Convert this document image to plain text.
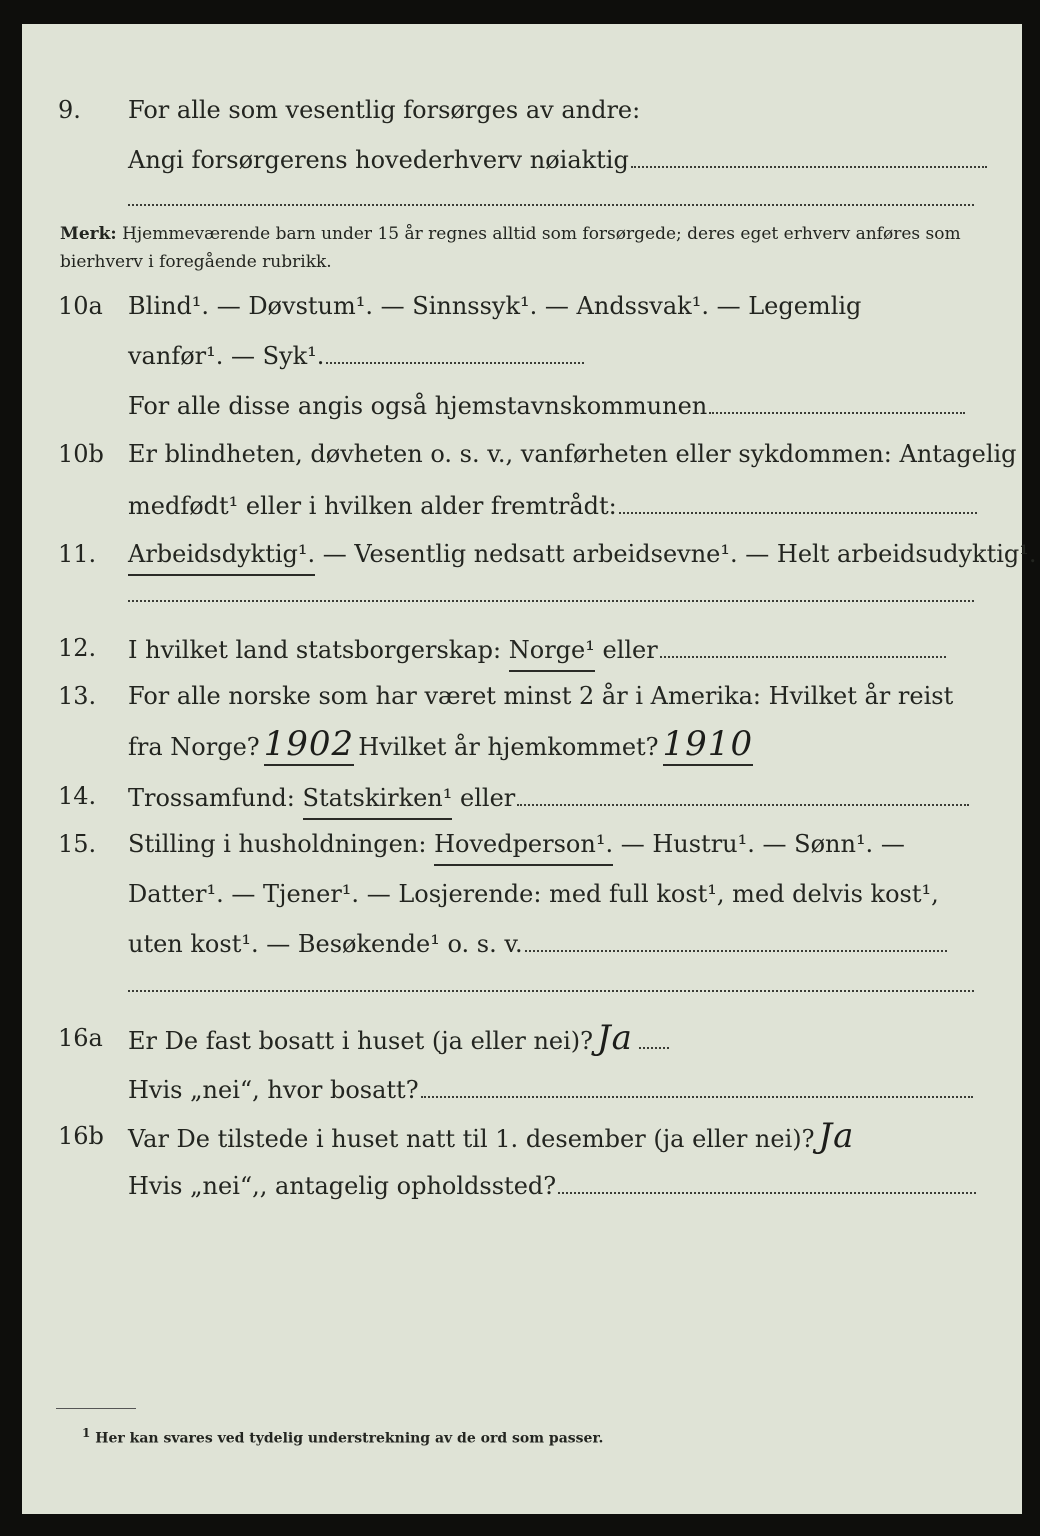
9. For alle som vesentlig forsørges av andre:
Angi forsørgerens hovederhverv nøiaktig
Merk: Hjemmeværende barn under 15 år regnes alltid som forsørgede; deres eget erhverv anføres som bierhverv i foregående rubrikk.
10a Blind¹. — Døvstum¹. — Sinnssyk¹. — Andssvak¹. — Legemlig
vanfør¹. — Syk¹.
For alle disse angis også hjemstavnskommunen
10b Er blindheten, døvheten o. s. v., vanførheten eller sykdommen: Antagelig
medfødt¹ eller i hvilken alder fremtrådt:
11. Arbeidsdyktig¹.
— Vesentlig nedsatt arbeidsevne¹. — Helt arbeidsudyktig¹.
12. I hvilket land statsborgerskap:
Norge¹
eller
13. For alle norske som har været minst 2 år i Amerika: Hvilket år reist
fra Norge? 1902 Hvilket år hjemkommet? 1910
14. Trossamfund:
Statskirken¹
eller
15. Stilling i husholdningen:
Hovedperson¹.
— Hustru¹. — Sønn¹. —
Datter¹. — Tjener¹. — Losjerende: med full kost¹, med delvis kost¹,
uten kost¹. — Besøkende¹ o. s. v.
16a Er De fast bosatt i huset (ja eller nei)? Ja
Hvis „nei“, hvor bosatt?
16b Var De tilstede i huset natt til 1. desember (ja eller nei)? Ja
Hvis „nei“,, antagelig opholdssted?
$^1$ Her kan svares ved tydelig understrekning av de ord som passer.
